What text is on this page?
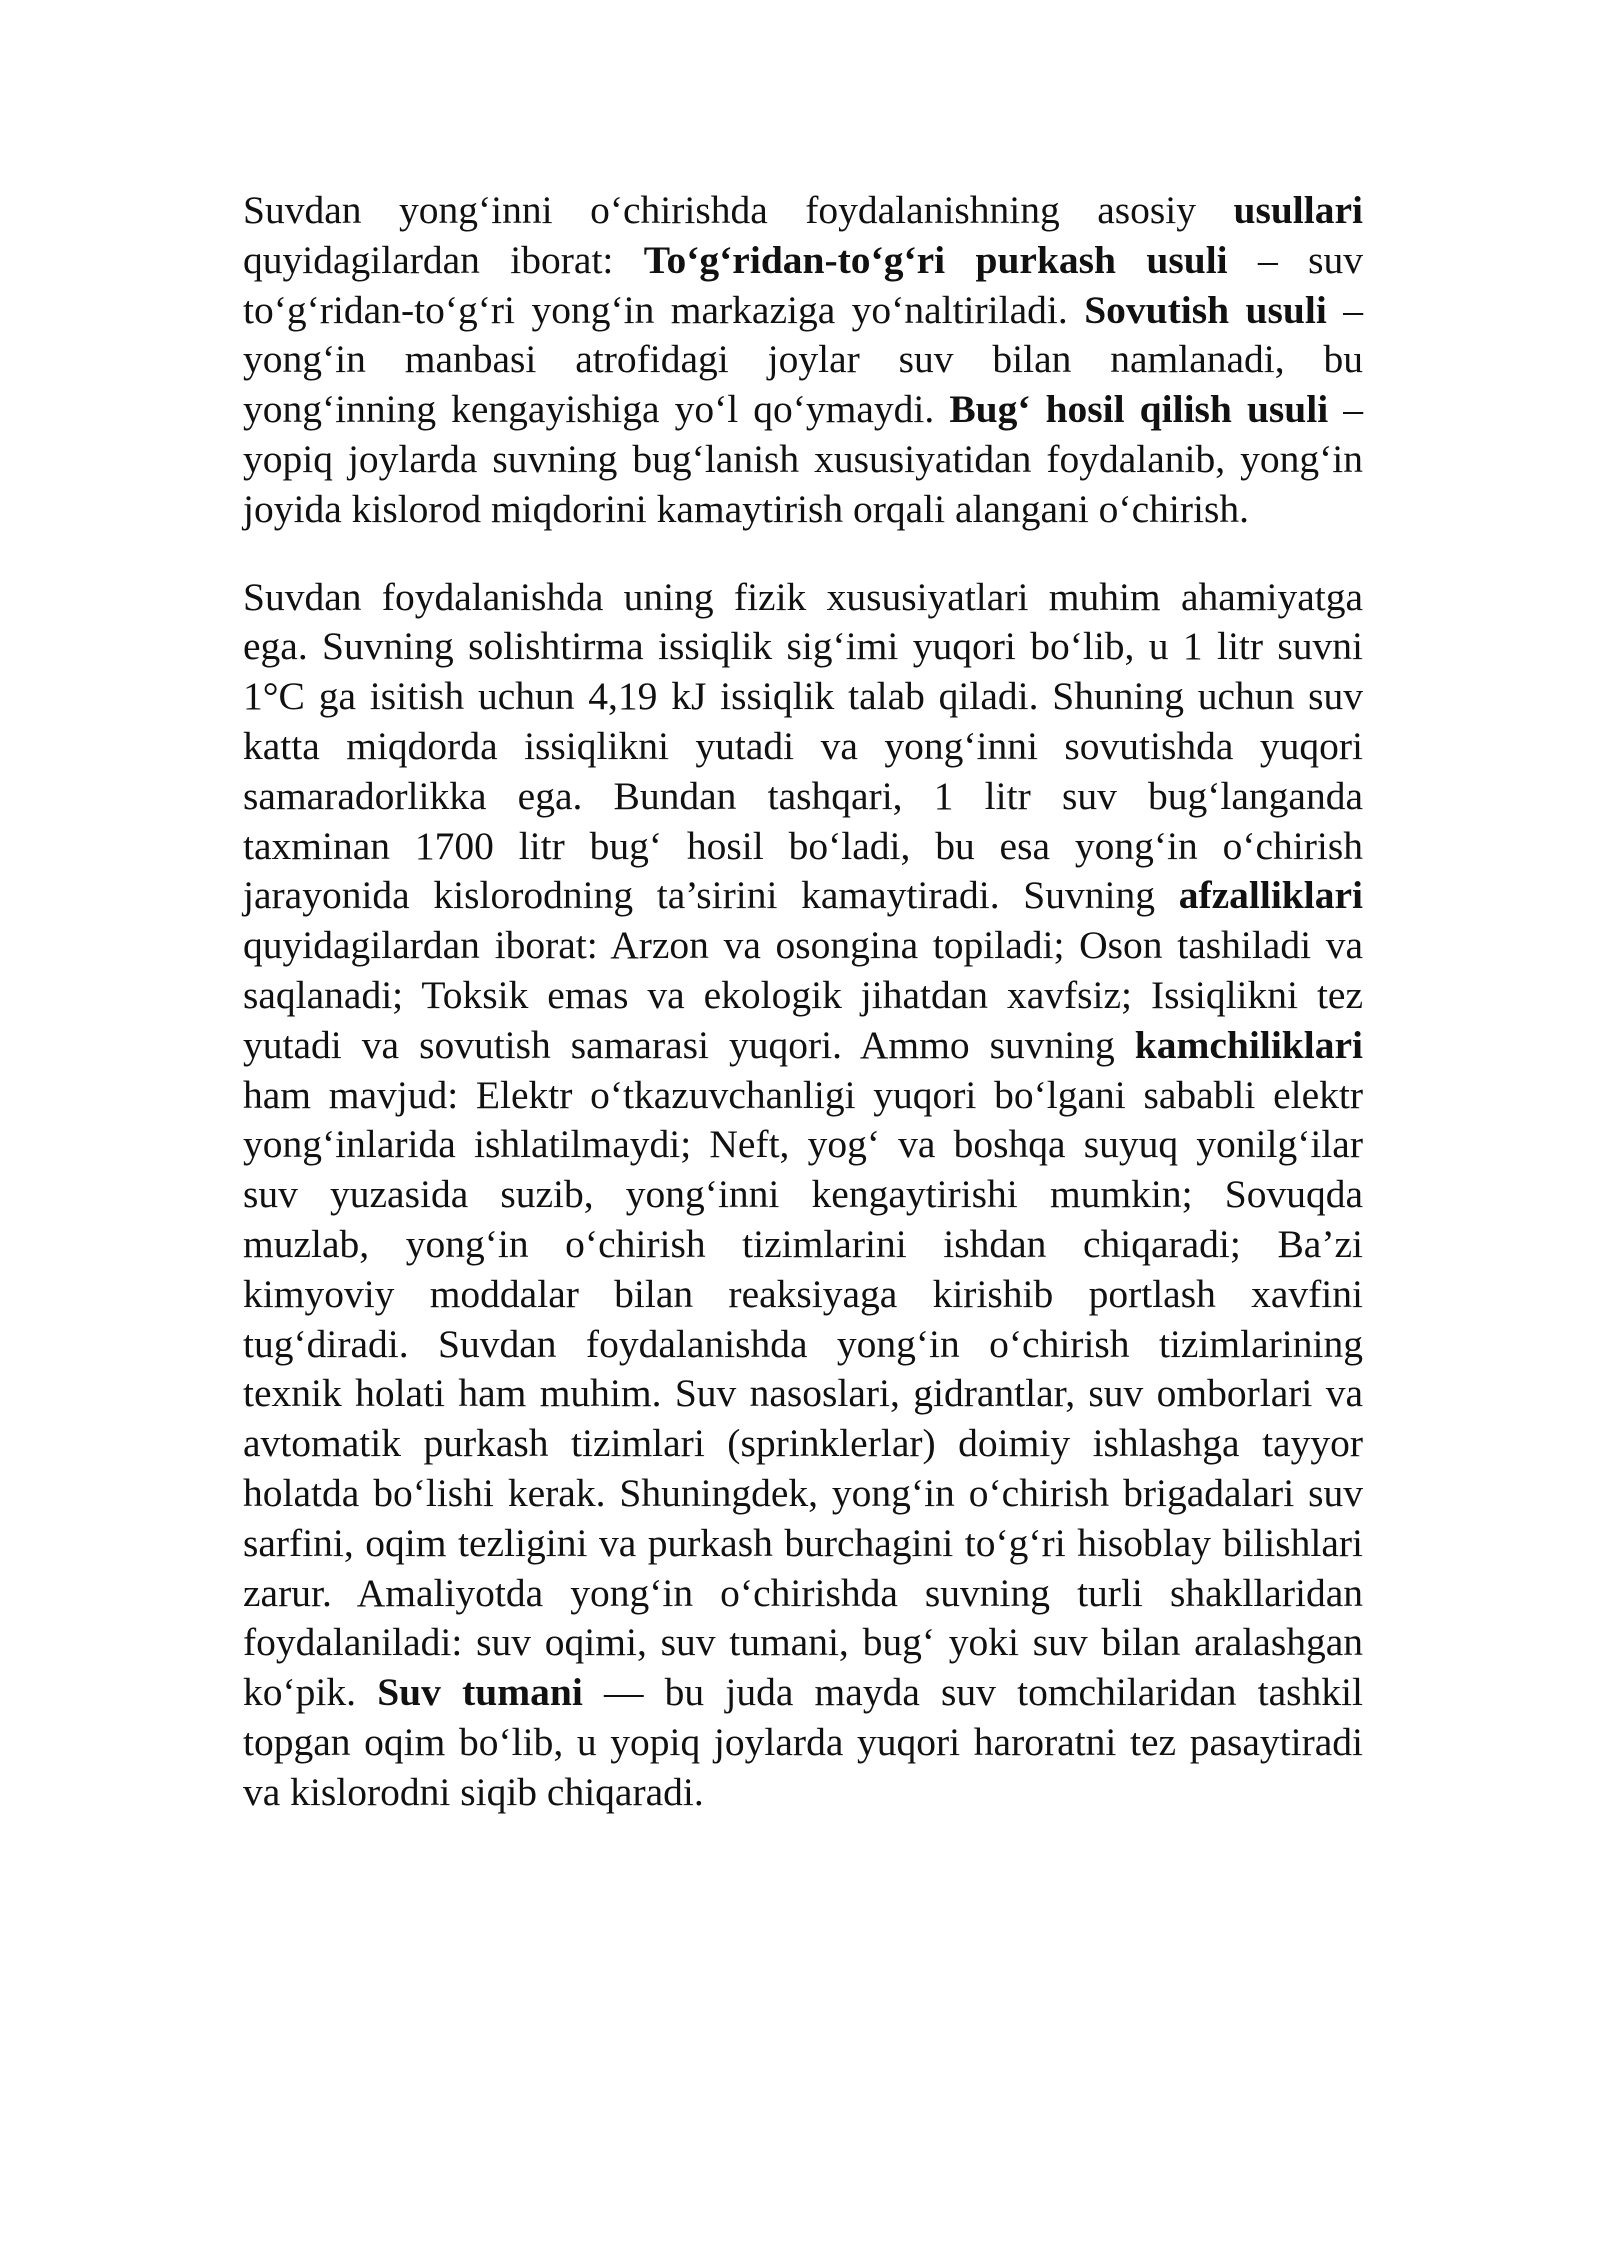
Suvdan yong‘inni o‘chirishda foydalanishning asosiy usullari quyidagilardan iborat: To‘g‘ridan-to‘g‘ri purkash usuli – suv to‘g‘ridan-to‘g‘ri yong‘in markaziga yo‘naltiriladi. Sovutish usuli – yong‘in manbasi atrofidagi joylar suv bilan namlanadi, bu yong‘inning kengayishiga yo‘l qo‘ymaydi. Bug‘ hosil qilish usuli – yopiq joylarda suvning bug‘lanish xususiyatidan foydalanib, yong‘in joyida kislorod miqdorini kamaytirish orqali alangani o‘chirish.

Suvdan foydalanishda uning fizik xususiyatlari muhim ahamiyatga ega. Suvning solishtirma issiqlik sig‘imi yuqori bo‘lib, u 1 litr suvni 1°C ga isitish uchun 4,19 kJ issiqlik talab qiladi. Shuning uchun suv katta miqdorda issiqlikni yutadi va yong‘inni sovutishda yuqori samaradorlikka ega. Bundan tashqari, 1 litr suv bug‘langanda taxminan 1700 litr bug‘ hosil bo‘ladi, bu esa yong‘in o‘chirish jarayonida kislorodning ta’sirini kamaytiradi. Suvning afzalliklari quyidagilardan iborat: Arzon va osongina topiladi; Oson tashiladi va saqlanadi; Toksik emas va ekologik jihatdan xavfsiz; Issiqlikni tez yutadi va sovutish samarasi yuqori. Ammo suvning kamchiliklari ham mavjud: Elektr o‘tkazuvchanligi yuqori bo‘lgani sababli elektr yong‘inlarida ishlatilmaydi; Neft, yog‘ va boshqa suyuq yonilg‘ilar suv yuzasida suzib, yong‘inni kengaytirishi mumkin; Sovuqda muzlab, yong‘in o‘chirish tizimlarini ishdan chiqaradi; Ba’zi kimyoviy moddalar bilan reaksiyaga kirishib portlash xavfini tug‘diradi. Suvdan foydalanishda yong‘in o‘chirish tizimlarining texnik holati ham muhim. Suv nasoslari, gidrantlar, suv omborlari va avtomatik purkash tizimlari (sprinklerlar) doimiy ishlashga tayyor holatda bo‘lishi kerak. Shuningdek, yong‘in o‘chirish brigadalari suv sarfini, oqim tezligini va purkash burchagini to‘g‘ri hisoblay bilishlari zarur. Amaliyotda yong‘in o‘chirishda suvning turli shakllaridan foydalaniladi: suv oqimi, suv tumani, bug‘ yoki suv bilan aralashgan ko‘pik. Suv tumani — bu juda mayda suv tomchilaridan tashkil topgan oqim bo‘lib, u yopiq joylarda yuqori haroratni tez pasaytiradi va kislorodni siqib chiqaradi.
